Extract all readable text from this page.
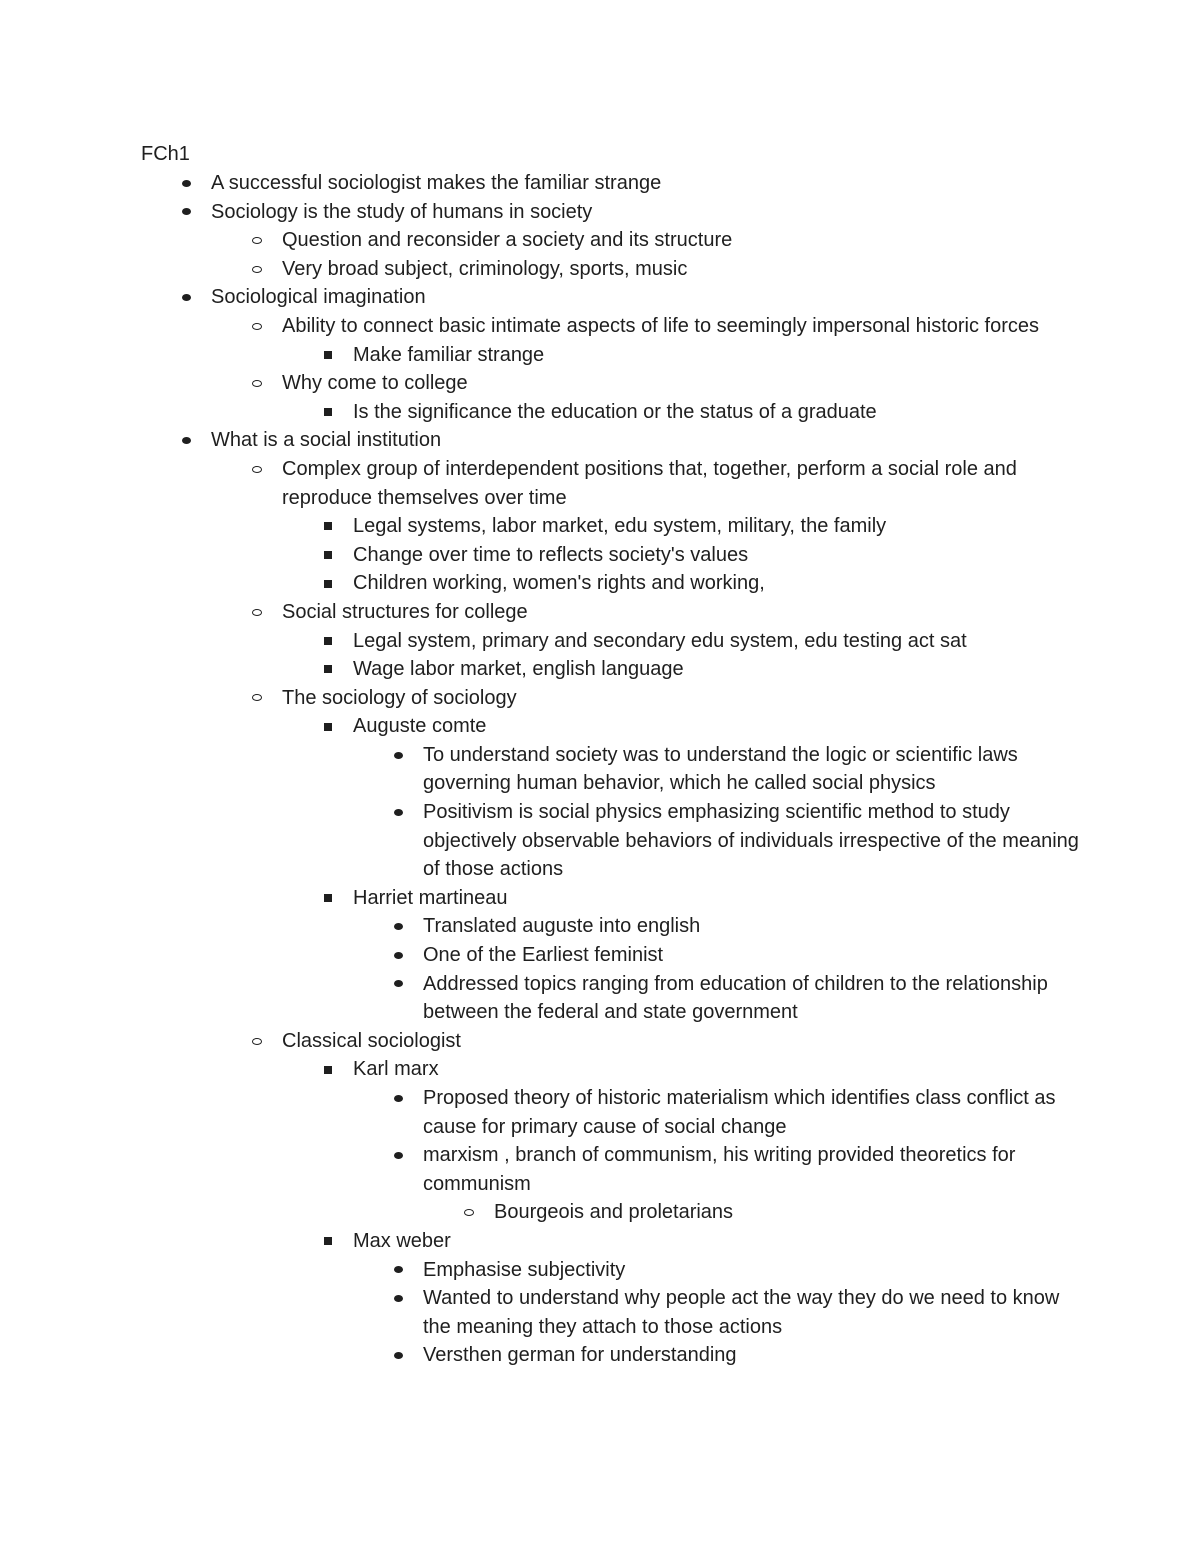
FCh1
A successful sociologist makes the familiar strange
Sociology is the study of humans in society
Question and reconsider a society and its structure
Very broad subject, criminology, sports, music
Sociological imagination
Ability to connect basic intimate aspects of life to seemingly impersonal historic forces
Make familiar strange
Why come to college
Is the significance the education or the status of a graduate
What is a social institution
Complex group of interdependent positions that, together, perform a social role and reproduce themselves over time
Legal systems, labor market, edu system, military, the family
Change over time to reflects society's values
Children working, women's rights and working,
Social structures for college
Legal system, primary and secondary edu system, edu testing act sat
Wage labor market, english language
The sociology of sociology
Auguste comte
To understand society was to understand the logic or scientific laws governing human behavior, which he called social physics
Positivism is social physics emphasizing scientific method to study objectively observable behaviors of individuals irrespective of the meaning of those actions
Harriet martineau
Translated auguste into english
One of the Earliest feminist
Addressed topics ranging from education of children to the relationship between the federal and state government
Classical sociologist
Karl marx
Proposed theory of historic materialism which identifies class conflict as cause for primary cause of social change
marxism , branch of communism, his writing provided theoretics for communism
Bourgeois and proletarians
Max weber
Emphasise subjectivity
Wanted to understand why people act the way they do we need to know the meaning they attach to those actions
Versthen german for understanding
